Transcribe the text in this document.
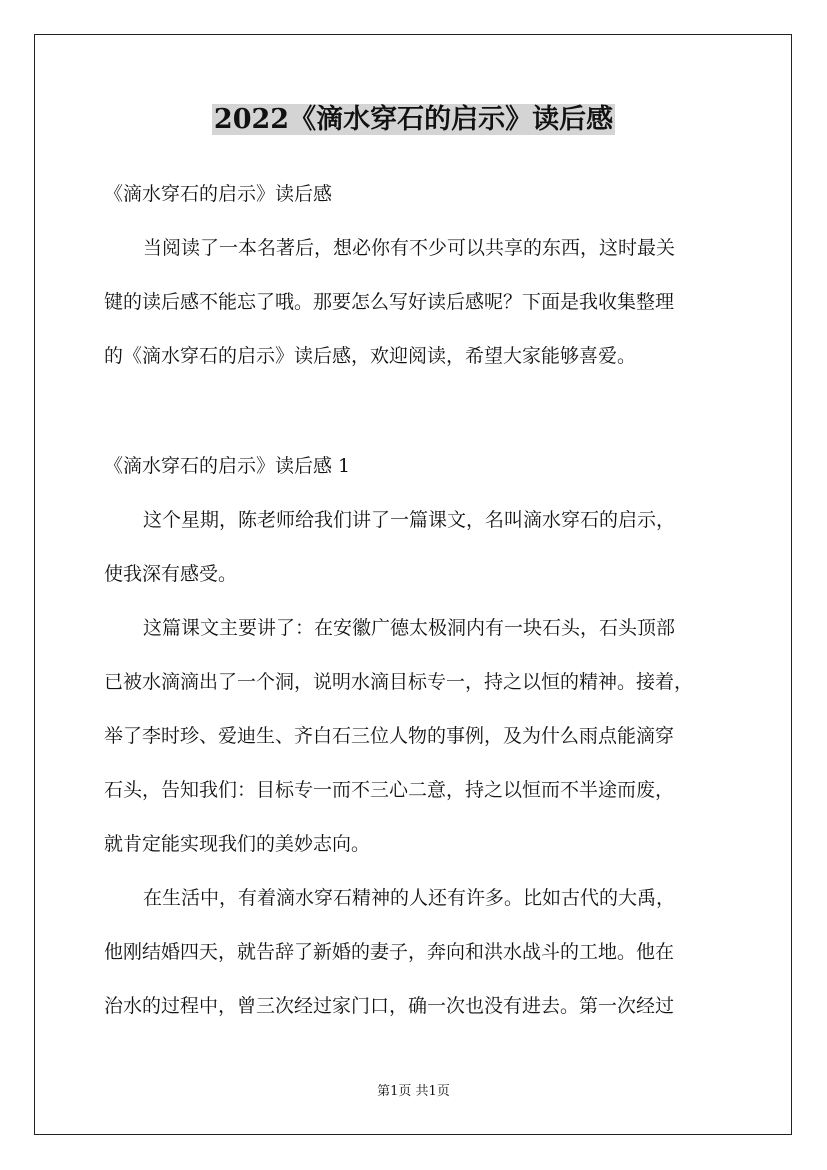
2022《滴水穿石的启示》读后感
《滴水穿石的启示》读后感
当阅读了一本名著后，想必你有不少可以共享的东西，这时最关
键的读后感不能忘了哦。那要怎么写好读后感呢？下面是我收集整理
的《滴水穿石的启示》读后感，欢迎阅读，希望大家能够喜爱。
《滴水穿石的启示》读后感 1
这个星期，陈老师给我们讲了一篇课文，名叫滴水穿石的启示，
使我深有感受。
这篇课文主要讲了：在安徽广德太极洞内有一块石头，石头顶部
已被水滴滴出了一个洞，说明水滴目标专一，持之以恒的精神。接着，
举了李时珍、爱迪生、齐白石三位人物的事例，及为什么雨点能滴穿
石头，告知我们：目标专一而不三心二意，持之以恒而不半途而废，
就肯定能实现我们的美妙志向。
在生活中，有着滴水穿石精神的人还有许多。比如古代的大禹，
他刚结婚四天，就告辞了新婚的妻子，奔向和洪水战斗的工地。他在
治水的过程中，曾三次经过家门口，确一次也没有进去。第一次经过
第1页 共1页
